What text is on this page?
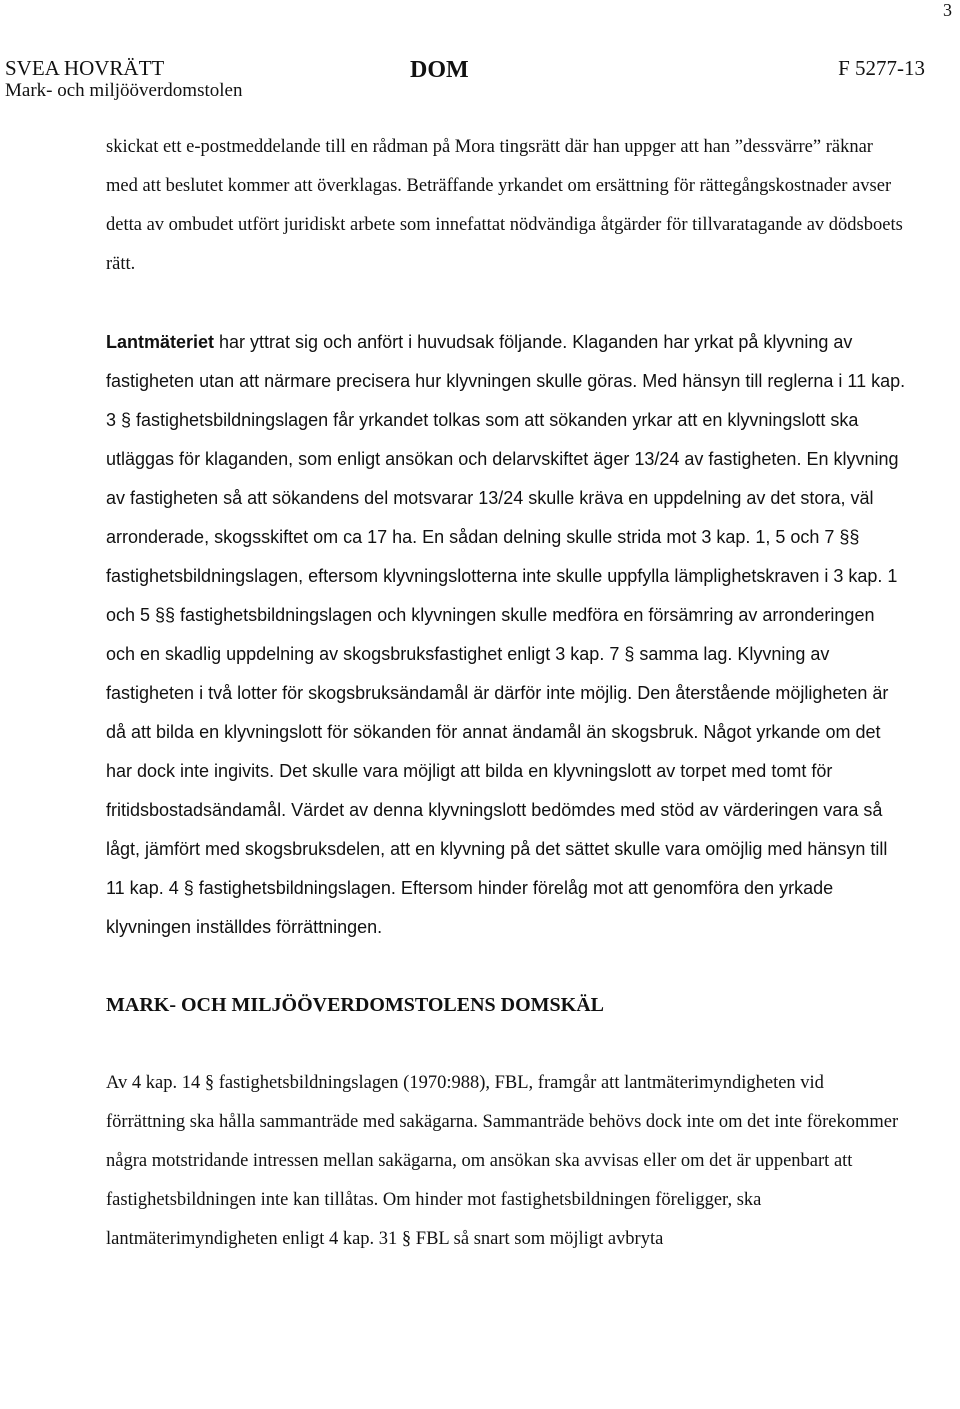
3
SVEA HOVRÄTT
Mark- och miljööverdomstolen
DOM	F 5277-13

skickat ett e-postmeddelande till en rådman på Mora tingsrätt där han uppger att han ”dessvärre” räknar med att beslutet kommer att överklagas. Beträffande yrkandet om ersättning för rättegångskostnader avser detta av ombudet utfört juridiskt arbete som innefattat nödvändiga åtgärder för tillvaratagande av dödsboets rätt.

Lantmäteriet har yttrat sig och anfört i huvudsak följande. Klaganden har yrkat på klyvning av fastigheten utan att närmare precisera hur klyvningen skulle göras. Med hänsyn till reglerna i 11 kap. 3 § fastighetsbildningslagen får yrkandet tolkas som att sökanden yrkar att en klyvningslott ska utläggas för klaganden, som enligt ansökan och delarvskiftet äger 13/24 av fastigheten. En klyvning av fastigheten så att sökandens del motsvarar 13/24 skulle kräva en uppdelning av det stora, väl arronderade, skogsskiftet om ca 17 ha. En sådan delning skulle strida mot 3 kap. 1, 5 och 7 §§ fastighetsbildningslagen, eftersom klyvningslotterna inte skulle uppfylla lämplighetskraven i 3 kap. 1 och 5 §§ fastighetsbildningslagen och klyvningen skulle medföra en försämring av arronderingen och en skadlig uppdelning av skogsbruksfastighet enligt 3 kap. 7 § samma lag. Klyvning av fastigheten i två lotter för skogsbruksändamål är därför inte möjlig. Den återstående möjligheten är då att bilda en klyvningslott för sökanden för annat ändamål än skogsbruk. Något yrkande om det har dock inte ingivits. Det skulle vara möjligt att bilda en klyvningslott av torpet med tomt för fritidsbostadsändamål. Värdet av denna klyvningslott bedömdes med stöd av värderingen vara så lågt, jämfört med skogsbruksdelen, att en klyvning på det sättet skulle vara omöjlig med hänsyn till 11 kap. 4 § fastighetsbildningslagen. Eftersom hinder förelåg mot att genomföra den yrkade klyvningen inställdes förrättningen.

MARK- OCH MILJÖÖVERDOMSTOLENS DOMSKÄL

Av 4 kap. 14 § fastighetsbildningslagen (1970:988), FBL, framgår att lantmäterimyndigheten vid förrättning ska hålla sammanträde med sakägarna. Sammanträde behövs dock inte om det inte förekommer några motstridande intressen mellan sakägarna, om ansökan ska avvisas eller om det är uppenbart att fastighetsbildningen inte kan tillåtas. Om hinder mot fastighetsbildningen föreligger, ska lantmäterimyndigheten enligt 4 kap. 31 § FBL så snart som möjligt avbryta
